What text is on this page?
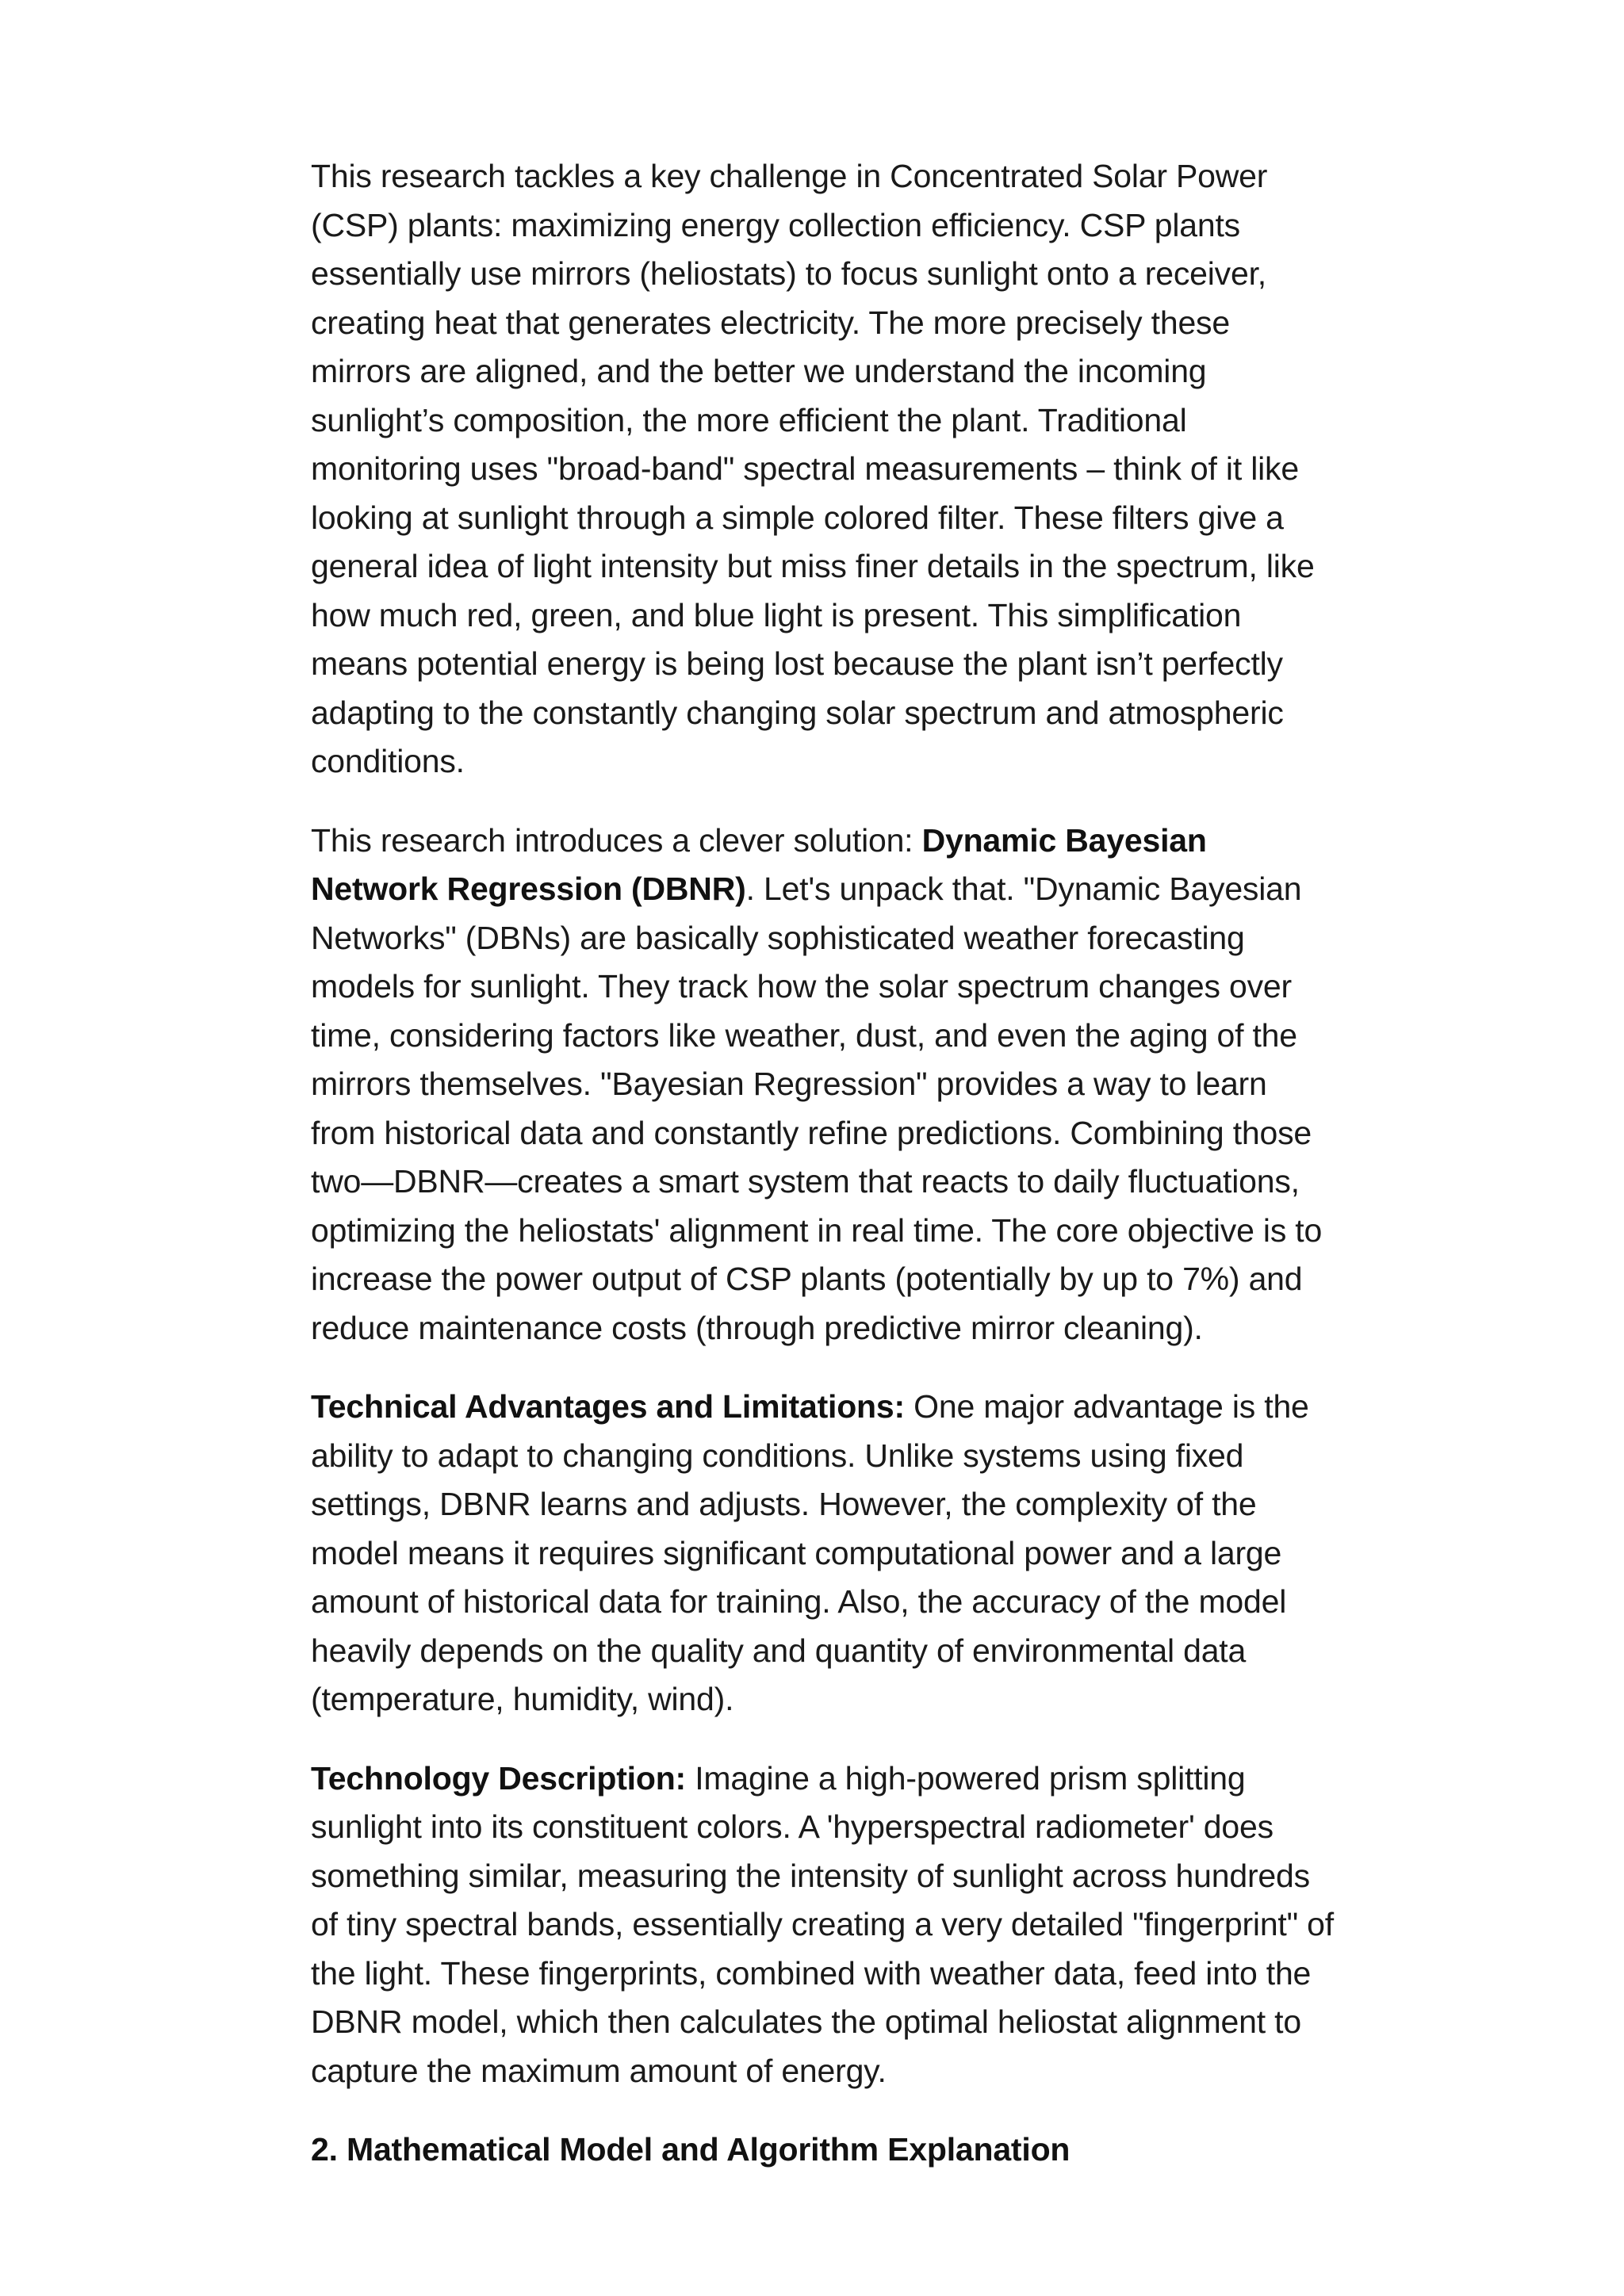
This research tackles a key challenge in Concentrated Solar Power (CSP) plants: maximizing energy collection efficiency. CSP plants essentially use mirrors (heliostats) to focus sunlight onto a receiver, creating heat that generates electricity. The more precisely these mirrors are aligned, and the better we understand the incoming sunlight’s composition, the more efficient the plant. Traditional monitoring uses "broad-band" spectral measurements – think of it like looking at sunlight through a simple colored filter. These filters give a general idea of light intensity but miss finer details in the spectrum, like how much red, green, and blue light is present. This simplification means potential energy is being lost because the plant isn’t perfectly adapting to the constantly changing solar spectrum and atmospheric conditions.

This research introduces a clever solution: Dynamic Bayesian Network Regression (DBNR). Let's unpack that. "Dynamic Bayesian Networks" (DBNs) are basically sophisticated weather forecasting models for sunlight. They track how the solar spectrum changes over time, considering factors like weather, dust, and even the aging of the mirrors themselves. "Bayesian Regression" provides a way to learn from historical data and constantly refine predictions. Combining those two—DBNR—creates a smart system that reacts to daily fluctuations, optimizing the heliostats' alignment in real time. The core objective is to increase the power output of CSP plants (potentially by up to 7%) and reduce maintenance costs (through predictive mirror cleaning).

Technical Advantages and Limitations: One major advantage is the ability to adapt to changing conditions. Unlike systems using fixed settings, DBNR learns and adjusts. However, the complexity of the model means it requires significant computational power and a large amount of historical data for training. Also, the accuracy of the model heavily depends on the quality and quantity of environmental data (temperature, humidity, wind).

Technology Description: Imagine a high-powered prism splitting sunlight into its constituent colors. A 'hyperspectral radiometer' does something similar, measuring the intensity of sunlight across hundreds of tiny spectral bands, essentially creating a very detailed "fingerprint" of the light. These fingerprints, combined with weather data, feed into the DBNR model, which then calculates the optimal heliostat alignment to capture the maximum amount of energy.

2. Mathematical Model and Algorithm Explanation
